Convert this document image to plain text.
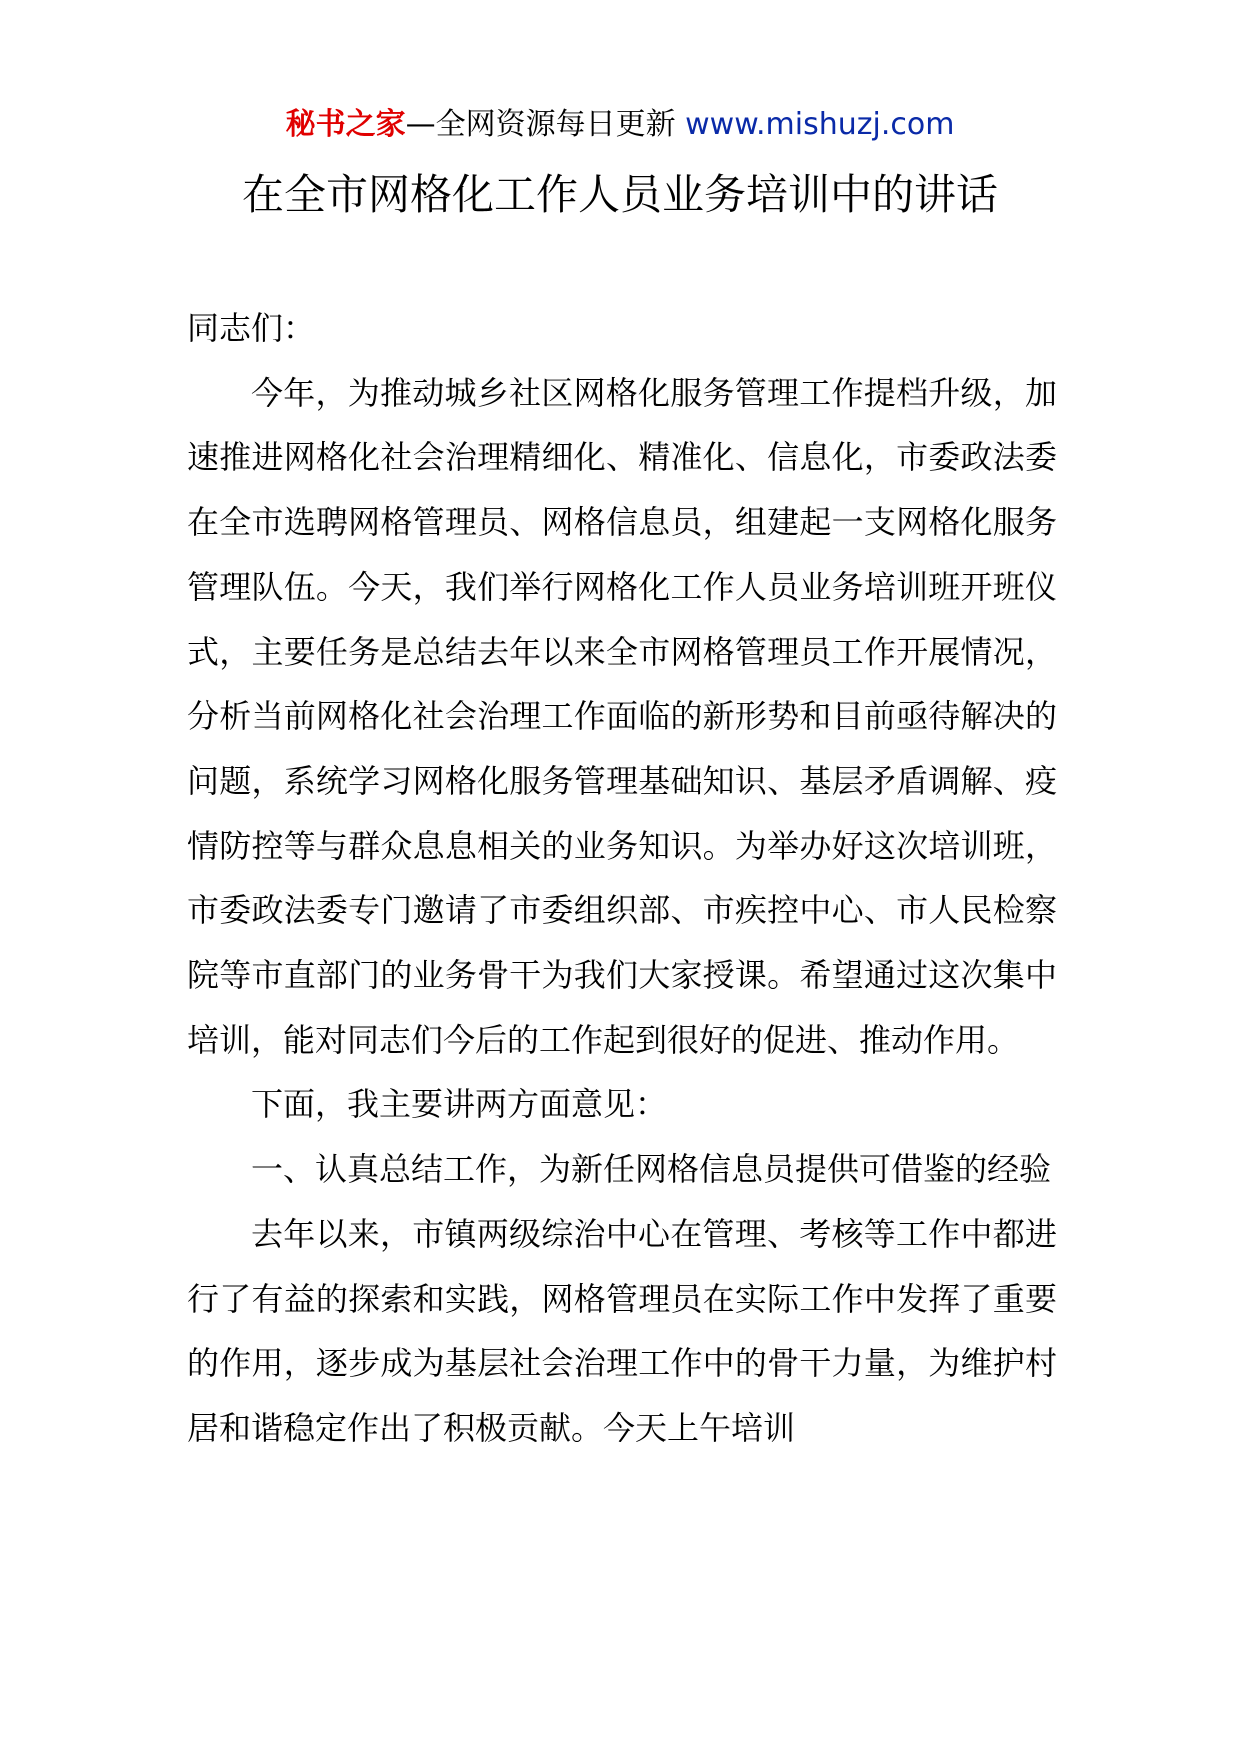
秘书之家—全网资源每日更新 www.mishuzj.com
在全市网格化工作人员业务培训中的讲话

同志们：

今年，为推动城乡社区网格化服务管理工作提档升级，加速推进网格化社会治理精细化、精准化、信息化，市委政法委在全市选聘网格管理员、网格信息员，组建起一支网格化服务管理队伍。今天，我们举行网格化工作人员业务培训班开班仪式，主要任务是总结去年以来全市网格管理员工作开展情况，分析当前网格化社会治理工作面临的新形势和目前亟待解决的问题，系统学习网格化服务管理基础知识、基层矛盾调解、疫情防控等与群众息息相关的业务知识。为举办好这次培训班，市委政法委专门邀请了市委组织部、市疾控中心、市人民检察院等市直部门的业务骨干为我们大家授课。希望通过这次集中培训，能对同志们今后的工作起到很好的促进、推动作用。

下面，我主要讲两方面意见：

一、认真总结工作，为新任网格信息员提供可借鉴的经验

去年以来，市镇两级综治中心在管理、考核等工作中都进行了有益的探索和实践，网格管理员在实际工作中发挥了重要的作用，逐步成为基层社会治理工作中的骨干力量，为维护村居和谐稳定作出了积极贡献。今天上午培训
